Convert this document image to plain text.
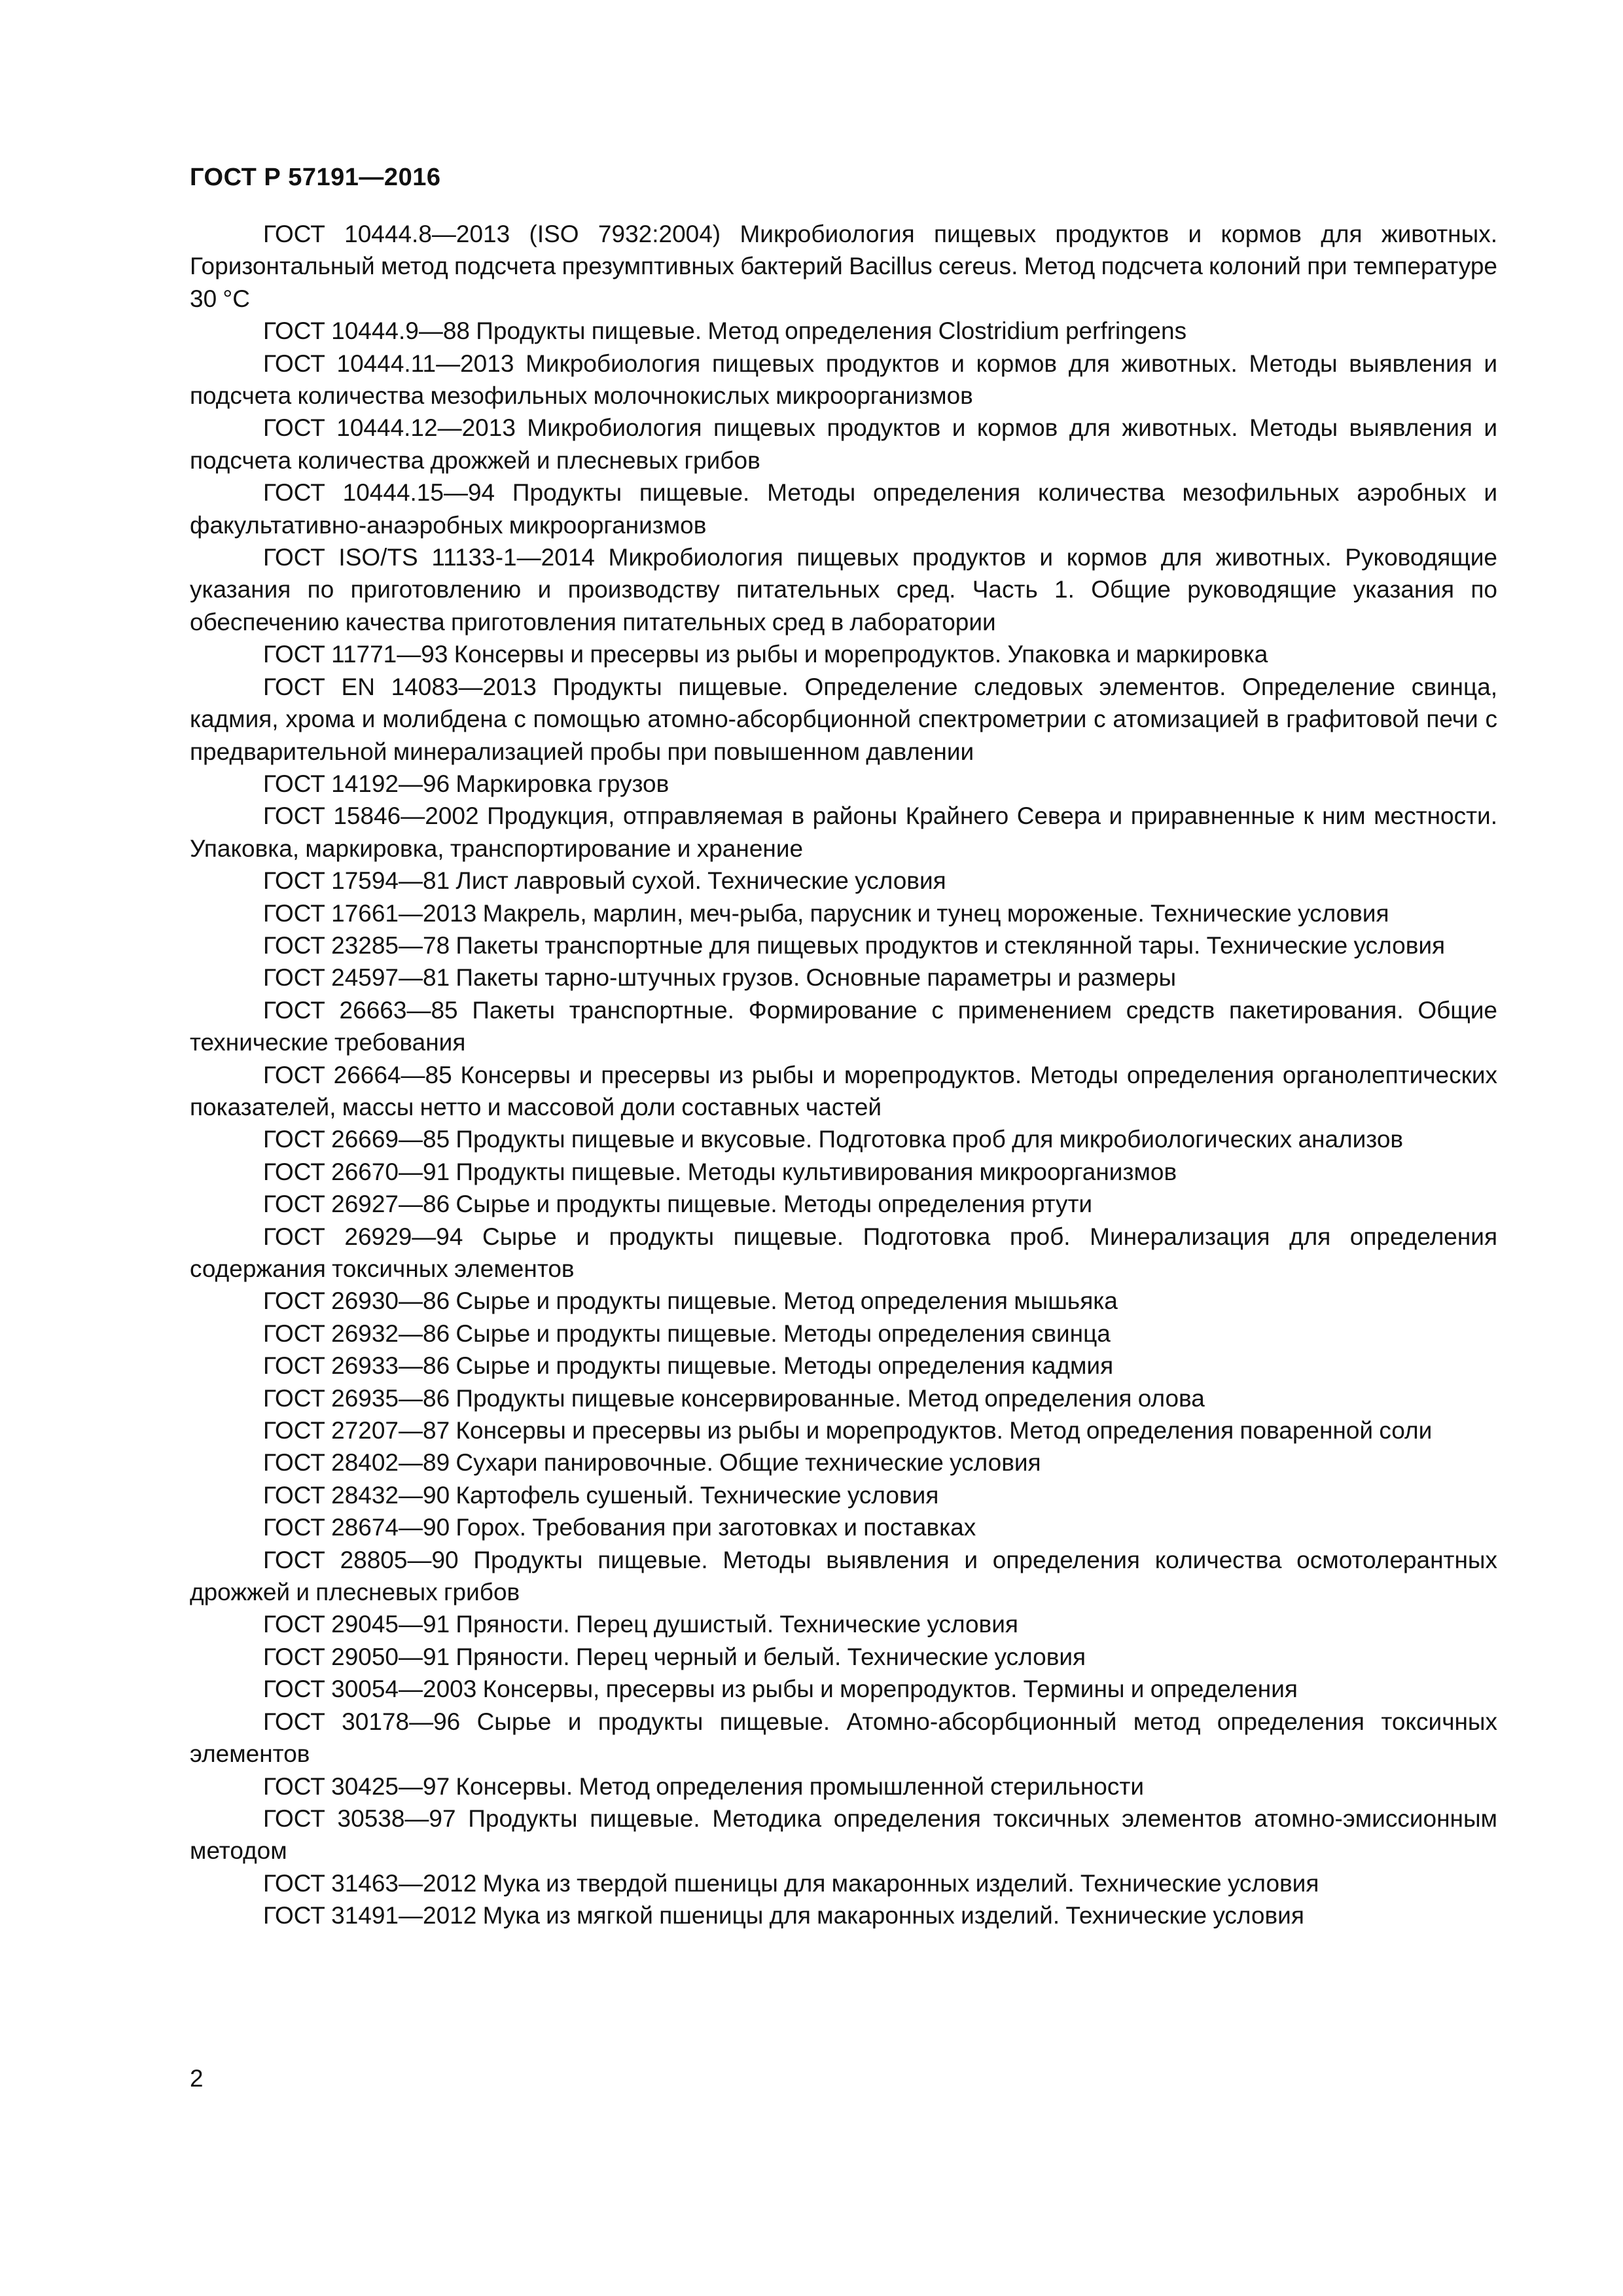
ГОСТ Р 57191—2016

ГОСТ 10444.8—2013 (ISO 7932:2004) Микробиология пищевых продуктов и кормов для животных. Горизонтальный метод подсчета презумптивных бактерий Bacillus cereus. Метод подсчета колоний при температуре 30 °С

ГОСТ 10444.9—88 Продукты пищевые. Метод определения Clostridium perfringens

ГОСТ 10444.11—2013 Микробиология пищевых продуктов и кормов для животных. Методы выявления и подсчета количества мезофильных молочнокислых микроорганизмов

ГОСТ 10444.12—2013 Микробиология пищевых продуктов и кормов для животных. Методы выявления и подсчета количества дрожжей и плесневых грибов

ГОСТ 10444.15—94 Продукты пищевые. Методы определения количества мезофильных аэробных и факультативно-анаэробных микроорганизмов

ГОСТ ISO/TS 11133-1—2014 Микробиология пищевых продуктов и кормов для животных. Руководящие указания по приготовлению и производству питательных сред. Часть 1. Общие руководящие указания по обеспечению качества приготовления питательных сред в лаборатории

ГОСТ 11771—93 Консервы и пресервы из рыбы и морепродуктов. Упаковка и маркировка

ГОСТ EN 14083—2013 Продукты пищевые. Определение следовых элементов. Определение свинца, кадмия, хрома и молибдена с помощью атомно-абсорбционной спектрометрии с атомизацией в графитовой печи с предварительной минерализацией пробы при повышенном давлении

ГОСТ 14192—96 Маркировка грузов

ГОСТ 15846—2002 Продукция, отправляемая в районы Крайнего Севера и приравненные к ним местности. Упаковка, маркировка, транспортирование и хранение

ГОСТ 17594—81 Лист лавровый сухой. Технические условия

ГОСТ 17661—2013 Макрель, марлин, меч-рыба, парусник и тунец мороженые. Технические условия

ГОСТ 23285—78 Пакеты транспортные для пищевых продуктов и стеклянной тары. Технические условия

ГОСТ 24597—81 Пакеты тарно-штучных грузов. Основные параметры и размеры

ГОСТ 26663—85 Пакеты транспортные. Формирование с применением средств пакетирования. Общие технические требования

ГОСТ 26664—85 Консервы и пресервы из рыбы и морепродуктов. Методы определения органолептических показателей, массы нетто и массовой доли составных частей

ГОСТ 26669—85 Продукты пищевые и вкусовые. Подготовка проб для микробиологических анализов

ГОСТ 26670—91 Продукты пищевые. Методы культивирования микроорганизмов

ГОСТ 26927—86 Сырье и продукты пищевые. Методы определения ртути

ГОСТ 26929—94 Сырье и продукты пищевые. Подготовка проб. Минерализация для определения содержания токсичных элементов

ГОСТ 26930—86 Сырье и продукты пищевые. Метод определения мышьяка

ГОСТ 26932—86 Сырье и продукты пищевые. Методы определения свинца

ГОСТ 26933—86 Сырье и продукты пищевые. Методы определения кадмия

ГОСТ 26935—86 Продукты пищевые консервированные. Метод определения олова

ГОСТ 27207—87 Консервы и пресервы из рыбы и морепродуктов. Метод определения поваренной соли

ГОСТ 28402—89 Сухари панировочные. Общие технические условия

ГОСТ 28432—90 Картофель сушеный. Технические условия

ГОСТ 28674—90 Горох. Требования при заготовках и поставках

ГОСТ 28805—90 Продукты пищевые. Методы выявления и определения количества осмотолерантных дрожжей и плесневых грибов

ГОСТ 29045—91 Пряности. Перец душистый. Технические условия

ГОСТ 29050—91 Пряности. Перец черный и белый. Технические условия

ГОСТ 30054—2003 Консервы, пресервы из рыбы и морепродуктов. Термины и определения

ГОСТ 30178—96 Сырье и продукты пищевые. Атомно-абсорбционный метод определения токсичных элементов

ГОСТ 30425—97 Консервы. Метод определения промышленной стерильности

ГОСТ 30538—97 Продукты пищевые. Методика определения токсичных элементов атомно-эмиссионным методом

ГОСТ 31463—2012 Мука из твердой пшеницы для макаронных изделий. Технические условия

ГОСТ 31491—2012 Мука из мягкой пшеницы для макаронных изделий. Технические условия

2
